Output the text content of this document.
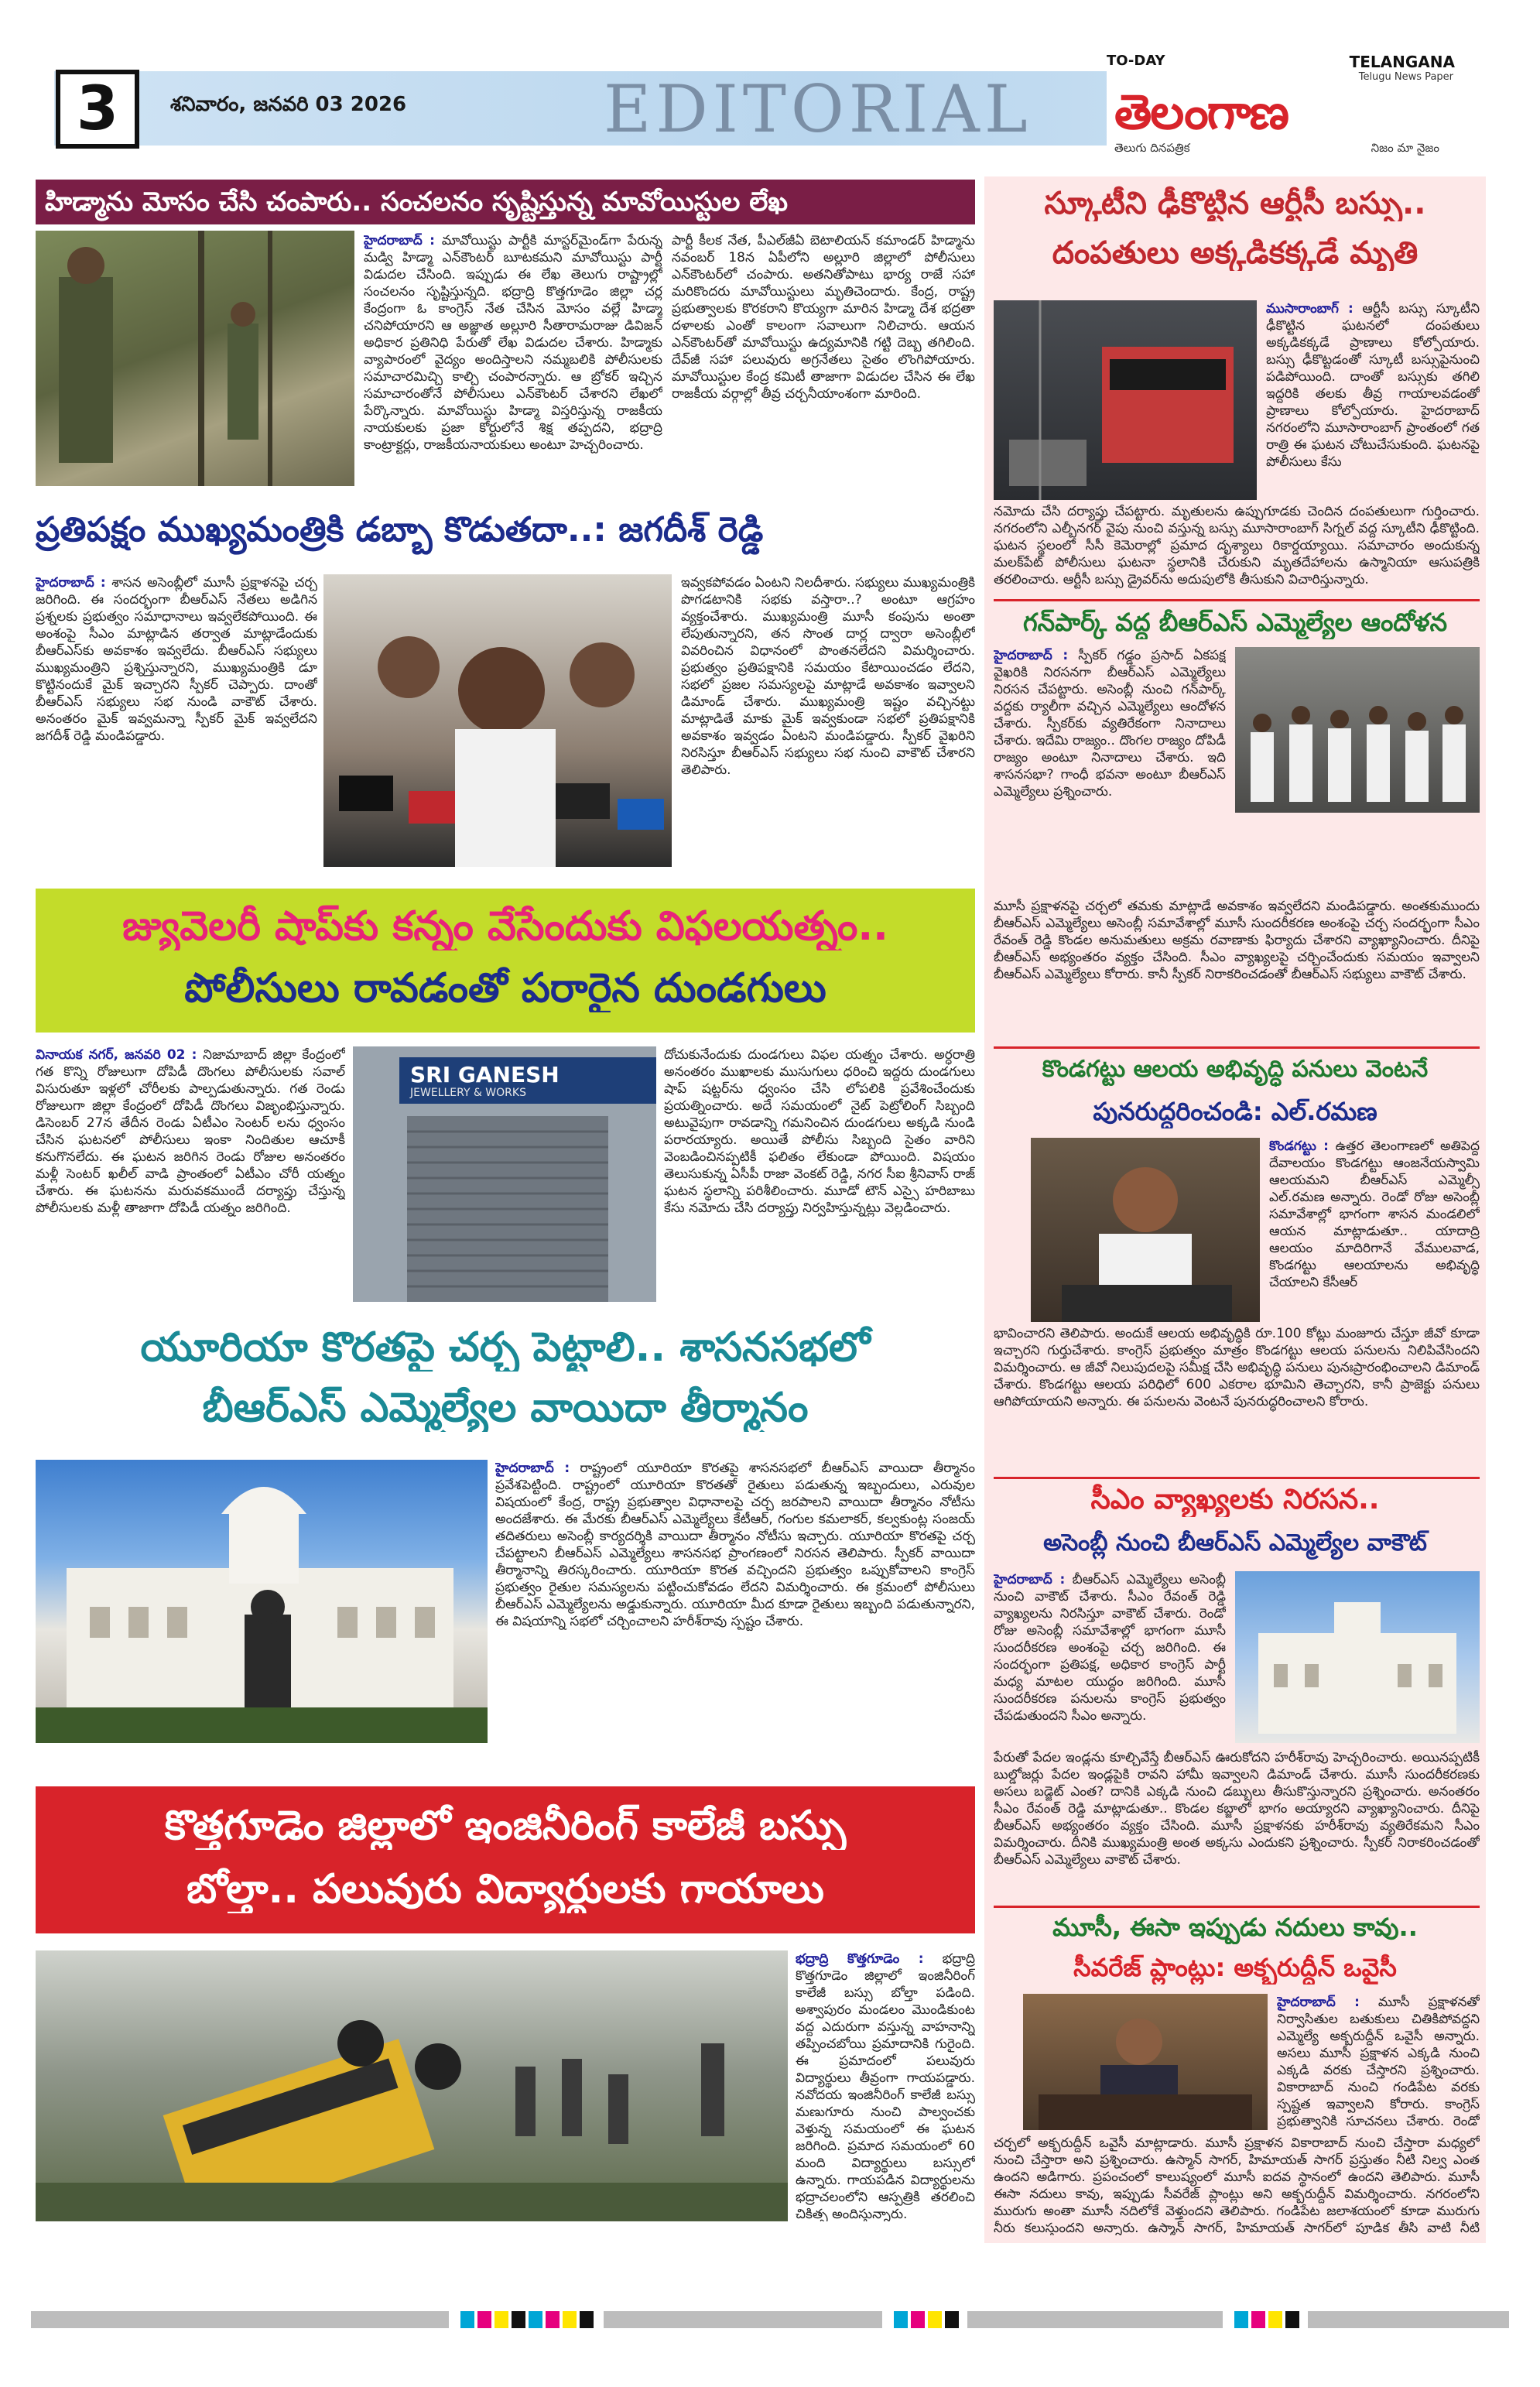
3	శనివారం, జనవరి 03 2026	EDITORIAL
TO-DAY	TELANGANA
Telugu News Paper
తెలంగాణ
తెలుగు దినపత్రిక	నిజం మా నైజం
హిడ్మాను మోసం చేసి చంపారు.. సంచలనం సృష్టిస్తున్న మావోయిస్టుల లేఖ
హైదరాబాద్ : మావోయిస్టు పార్టీకి మాస్టర్‌మైండ్‌గా పేరున్న మడ్వి హిడ్మా ఎన్‌కౌంటర్ బూటకమని మావోయిస్టు పార్టీ విడుదల చేసింది. ఇప్పుడు ఈ లేఖ తెలుగు రాష్ట్రాల్లో సంచలనం సృష్టిస్తున్నది. భద్రాద్రి కొత్తగూడెం జిల్లా చర్ల కేంద్రంగా ఓ కాంగ్రెస్ నేత చేసిన మోసం వల్లే హిడ్మా చనిపోయారని ఆ అజ్ఞాత అల్లూరి సీతారామరాజు డివిజన్ అధికార ప్రతినిధి పేరుతో లేఖ విడుదల చేశారు. హిడ్మాకు వ్యాపారంలో వైద్యం అందిస్తాలని నమ్మబలికి పోలీసులకు సమాచారమిచ్చి కాల్చి చంపారన్నారు. ఆ బ్రోకర్ ఇచ్చిన సమాచారంతోనే పోలీసులు ఎన్‌కౌంటర్ చేశారని లేఖలో పేర్కొన్నారు. మావోయిస్టు హిడ్మా విస్తరిస్తున్న రాజకీయ నాయకులకు ప్రజా కోర్టులోనే శిక్ష తప్పదని, భద్రాద్రి కాంట్రాక్టర్లు, రాజకీయనాయకులు అంటూ హెచ్చరించారు.
పార్టీ కీలక నేత, పీఎల్‌జీఏ బెటాలియన్ కమాండర్ హిడ్మాను నవంబర్ 18న ఏపీలోని అల్లూరి జిల్లాలో పోలీసులు ఎన్‌కౌంటర్‌లో చంపారు. అతనితోపాటు భార్య రాజే సహా మరికొందరు మావోయిస్టులు మృతిచెందారు. కేంద్ర, రాష్ట్ర ప్రభుత్వాలకు కొరకరాని కొయ్యగా మారిన హిడ్మా దేశ భద్రతా దళాలకు ఎంతో కాలంగా సవాలుగా నిలిచారు. ఆయన ఎన్‌కౌంటర్‌తో మావోయిస్టు ఉద్యమానికి గట్టి దెబ్బ తగిలింది. దేవ్‌జీ సహా పలువురు అగ్రనేతలు సైతం లొంగిపోయారు. మావోయిస్టుల కేంద్ర కమిటీ తాజాగా విడుదల చేసిన ఈ లేఖ రాజకీయ వర్గాల్లో తీవ్ర చర్చనీయాంశంగా మారింది.
ప్రతిపక్షం ముఖ్యమంత్రికి డబ్బా కొడుతదా..: జగదీశ్ రెడ్డి
హైదరాబాద్ : శాసన అసెంబ్లీలో మూసీ ప్రక్షాళనపై చర్చ జరిగింది. ఈ సందర్భంగా బీఆర్ఎస్ నేతలు అడిగిన ప్రశ్నలకు ప్రభుత్వం సమాధానాలు ఇవ్వలేకపోయింది. ఈ అంశంపై సీఎం మాట్లాడిన తర్వాత మాట్లాడేందుకు బీఆర్ఎస్‌కు అవకాశం ఇవ్వలేదు. బీఆర్ఎస్ సభ్యులు ముఖ్యమంత్రిని ప్రశ్నిస్తున్నారని, ముఖ్యమంత్రికి డూ కొట్టినందుకే మైక్ ఇచ్చారని స్పీకర్ చెప్పారు. దాంతో బీఆర్ఎస్ సభ్యులు సభ నుండి వాకౌట్ చేశారు. అనంతరం మైక్ ఇవ్వమన్నా స్పీకర్ మైక్ ఇవ్వలేదని జగదీశ్ రెడ్డి మండిపడ్డారు.
ఇవ్వకపోవడం ఏంటని నిలదీశారు. సభ్యులు ముఖ్యమంత్రికి పొగడటానికి సభకు వస్తారా..? అంటూ ఆగ్రహం వ్యక్తంచేశారు. ముఖ్యమంత్రి మూసీ కంపును అంతా లేపుతున్నారని, తన సొంత దార్ల ద్వారా అసెంబ్లీలో వివరించిన విధానంలో పొంతనలేదని విమర్శించారు. ప్రభుత్వం ప్రతిపక్షానికి సమయం కేటాయించడం లేదని, సభలో ప్రజల సమస్యలపై మాట్లాడే అవకాశం ఇవ్వాలని డిమాండ్ చేశారు. ముఖ్యమంత్రి ఇష్టం వచ్చినట్టు మాట్లాడితే మాకు మైక్ ఇవ్వకుండా సభలో ప్రతిపక్షానికి అవకాశం ఇవ్వడం ఏంటని మండిపడ్డారు. స్పీకర్ వైఖరిని నిరసిస్తూ బీఆర్ఎస్ సభ్యులు సభ నుంచి వాకౌట్ చేశారని తెలిపారు.
జ్యువెలరీ షాప్‌కు కన్నం వేసేందుకు విఫలయత్నం..
పోలీసులు రావడంతో పరారైన దుండగులు
వినాయక నగర్, జనవరి 02 : నిజామాబాద్ జిల్లా కేంద్రంలో గత కొన్ని రోజులుగా దోపిడీ దొంగలు పోలీసులకు సవాల్ విసురుతూ ఇళ్లలో చోరీలకు పాల్పడుతున్నారు. గత రెండు రోజులుగా జిల్లా కేంద్రంలో దోపిడీ దొంగలు విజృంభిస్తున్నారు. డిసెంబర్ 27న తేదీన రెండు ఏటీఎం సెంటర్ లను ధ్వంసం చేసిన ఘటనలో పోలీసులు ఇంకా నిందితుల ఆచూకీ కనుగొనలేదు. ఈ ఘటన జరిగిన రెండు రోజుల అనంతరం మళ్లీ సెంటర్ ఖలీల్ వాడి ప్రాంతంలో ఏటీఎం చోరీ యత్నం చేశారు. ఈ ఘటనను మరువకముందే దర్యాప్తు చేస్తున్న పోలీసులకు మళ్లీ తాజాగా దోపిడీ యత్నం జరిగింది.
SRI GANESH
JEWELLERY & WORKS
దోచుకునేందుకు దుండగులు విఫల యత్నం చేశారు. అర్ధరాత్రి అనంతరం ముఖాలకు ముసుగులు ధరించి ఇద్దరు దుండగులు షాప్ షట్టర్‌ను ధ్వంసం చేసి లోపలికి ప్రవేశించేందుకు ప్రయత్నించారు. అదే సమయంలో నైట్ పెట్రోలింగ్ సిబ్బంది అటువైపుగా రావడాన్ని గమనించిన దుండగులు అక్కడి నుండి పరారయ్యారు. అయితే పోలీసు సిబ్బంది సైతం వారిని వెంబడించినప్పటికీ ఫలితం లేకుండా పోయింది. విషయం తెలుసుకున్న ఏసీపీ రాజా వెంకట్ రెడ్డి, నగర సీఐ శ్రీనివాస్ రాజ్ ఘటన స్థలాన్ని పరిశీలించారు. మూడో టౌన్ ఎస్సై హరిబాబు కేసు నమోదు చేసి దర్యాప్తు నిర్వహిస్తున్నట్లు వెల్లడించారు.
యూరియా కొరతపై చర్చ పెట్టాలి.. శాసనసభలో
బీఆర్ఎస్ ఎమ్మెల్యేల వాయిదా తీర్మానం
హైదరాబాద్ : రాష్ట్రంలో యూరియా కొరతపై శాసనసభలో బీఆర్ఎస్ వాయిదా తీర్మానం ప్రవేశపెట్టింది. రాష్ట్రంలో యూరియా కొరతతో రైతులు పడుతున్న ఇబ్బందులు, ఎరువుల విషయంలో కేంద్ర, రాష్ట్ర ప్రభుత్వాల విధానాలపై చర్చ జరపాలని వాయిదా తీర్మానం నోటీసు అందజేశారు. ఈ మేరకు బీఆర్ఎస్ ఎమ్మెల్యేలు కేటీఆర్, గంగుల కమలాకర్, కల్వకుంట్ల సంజయ్ తదితరులు అసెంబ్లీ కార్యదర్శికి వాయిదా తీర్మానం నోటీసు ఇచ్చారు. యూరియా కొరతపై చర్చ చేపట్టాలని బీఆర్ఎస్ ఎమ్మెల్యేలు శాసనసభ ప్రాంగణంలో నిరసన తెలిపారు. స్పీకర్ వాయిదా తీర్మానాన్ని తిరస్కరించారు. యూరియా కొరత వచ్చిందని ప్రభుత్వం ఒప్పుకోవాలని కాంగ్రెస్ ప్రభుత్వం రైతుల సమస్యలను పట్టించుకోవడం లేదని విమర్శించారు. ఈ క్రమంలో పోలీసులు బీఆర్ఎస్ ఎమ్మెల్యేలను అడ్డుకున్నారు. యూరియా మీద కూడా రైతులు ఇబ్బంది పడుతున్నారని, ఈ విషయాన్ని సభలో చర్చించాలని హరీశ్‌రావు స్పష్టం చేశారు.
కొత్తగూడెం జిల్లాలో ఇంజినీరింగ్ కాలేజీ బస్సు
బోల్తా.. పలువురు విద్యార్థులకు గాయాలు
భద్రాద్రి కొత్తగూడెం : భద్రాద్రి కొత్తగూడెం జిల్లాలో ఇంజినీరింగ్ కాలేజీ బస్సు బోల్తా పడింది. అశ్వాపురం మండలం మొండికుంట వద్ద ఎదురుగా వస్తున్న వాహనాన్ని తప్పించబోయి ప్రమాదానికి గురైంది. ఈ ప్రమాదంలో పలువురు విద్యార్థులు తీవ్రంగా గాయపడ్డారు. నవోదయ ఇంజినీరింగ్ కాలేజీ బస్సు మణుగూరు నుంచి పాల్వంచకు వెళ్తున్న సమయంలో ఈ ఘటన జరిగింది. ప్రమాద సమయంలో 60 మంది విద్యార్థులు బస్సులో ఉన్నారు. గాయపడిన విద్యార్థులను భద్రాచలంలోని ఆస్పత్రికి తరలించి చికిత్స అందిస్తున్నారు.
స్కూటీని ఢీకొట్టిన ఆర్టీసీ బస్సు..
దంపతులు అక్కడికక్కడే మృతి
ముసారాంబాగ్ : ఆర్టీసీ బస్సు స్కూటీని ఢీకొట్టిన ఘటనలో దంపతులు అక్కడికక్కడే ప్రాణాలు కోల్పోయారు. బస్సు ఢీకొట్టడంతో స్కూటీ బస్సుపైనుంచి పడిపోయింది. దాంతో బస్సుకు తగిలి ఇద్దరికి తలకు తీవ్ర గాయాలవడంతో ప్రాణాలు కోల్పోయారు. హైదరాబాద్ నగరంలోని మూసారాంబాగ్ ప్రాంతంలో గత రాత్రి ఈ ఘటన చోటుచేసుకుంది. ఘటనపై పోలీసులు కేసు
నమోదు చేసి దర్యాప్తు చేపట్టారు. మృతులను ఉప్పుగూడకు చెందిన దంపతులుగా గుర్తించారు. నగరంలోని ఎల్బీనగర్ వైపు నుంచి వస్తున్న బస్సు మూసారాంబాగ్ సిగ్నల్ వద్ద స్కూటీని ఢీకొట్టింది. ఘటన స్థలంలో సీసీ కెమెరాల్లో ప్రమాద దృశ్యాలు రికార్డయ్యాయి. సమాచారం అందుకున్న మలక్‌పేట్ పోలీసులు ఘటనా స్థలానికి చేరుకుని మృతదేహాలను ఉస్మానియా ఆసుపత్రికి తరలించారు. ఆర్టీసీ బస్సు డ్రైవర్‌ను అదుపులోకి తీసుకుని విచారిస్తున్నారు.
గన్‌పార్క్ వద్ద బీఆర్ఎస్ ఎమ్మెల్యేల ఆందోళన
హైదరాబాద్ : స్పీకర్ గడ్డం ప్రసాద్ ఏకపక్ష వైఖరికి నిరసనగా బీఆర్ఎస్ ఎమ్మెల్యేలు నిరసన చేపట్టారు. అసెంబ్లీ నుంచి గన్‌పార్క్ వద్దకు ర్యాలీగా వచ్చిన ఎమ్మెల్యేలు ఆందోళన చేశారు. స్పీకర్‌కు వ్యతిరేకంగా నినాదాలు చేశారు. ఇదేమి రాజ్యం.. దొంగల రాజ్యం దోపిడీ రాజ్యం అంటూ నినాదాలు చేశారు. ఇది శాసనసభా? గాంధీ భవనా అంటూ బీఆర్ఎస్ ఎమ్మెల్యేలు ప్రశ్నించారు.
మూసీ ప్రక్షాళనపై చర్చలో తమకు మాట్లాడే అవకాశం ఇవ్వలేదని మండిపడ్డారు. అంతకుముందు బీఆర్ఎస్ ఎమ్మెల్యేలు అసెంబ్లీ సమావేశాల్లో మూసీ సుందరీకరణ అంశంపై చర్చ సందర్భంగా సీఎం రేవంత్ రెడ్డి కొండల అనుమతులు అక్రమ రవాణాకు ఫిర్యాదు చేశారని వ్యాఖ్యానించారు. దీనిపై బీఆర్ఎస్ అభ్యంతరం వ్యక్తం చేసింది. సీఎం వ్యాఖ్యలపై చర్చించేందుకు సమయం ఇవ్వాలని బీఆర్ఎస్ ఎమ్మెల్యేలు కోరారు. కానీ స్పీకర్ నిరాకరించడంతో బీఆర్ఎస్ సభ్యులు వాకౌట్ చేశారు.
కొండగట్టు ఆలయ అభివృద్ధి పనులు వెంటనే
పునరుద్ధరించండి: ఎల్.రమణ
కొండగట్టు : ఉత్తర తెలంగాణలో అతిపెద్ద దేవాలయం కొండగట్టు ఆంజనేయస్వామి ఆలయమని బీఆర్ఎస్ ఎమ్మెల్సీ ఎల్.రమణ అన్నారు. రెండో రోజు అసెంబ్లీ సమావేశాల్లో భాగంగా శాసన మండలిలో ఆయన మాట్లాడుతూ.. యాదాద్రి ఆలయం మాదిరిగానే వేములవాడ, కొండగట్టు ఆలయాలను అభివృద్ధి చేయాలని కేసీఆర్
భావించారని తెలిపారు. అందుకే ఆలయ అభివృద్ధికి రూ.100 కోట్లు మంజూరు చేస్తూ జీవో కూడా ఇచ్చారని గుర్తుచేశారు. కాంగ్రెస్ ప్రభుత్వం మాత్రం కొండగట్టు ఆలయ పనులను నిలిపివేసిందని విమర్శించారు. ఆ జీవో నిలుపుదలపై సమీక్ష చేసి అభివృద్ధి పనులు పునఃప్రారంభించాలని డిమాండ్ చేశారు. కొండగట్టు ఆలయ పరిధిలో 600 ఎకరాల భూమిని తెచ్చారని, కానీ ప్రాజెక్టు పనులు ఆగిపోయాయని అన్నారు. ఈ పనులను వెంటనే పునరుద్ధరించాలని కోరారు.
సీఎం వ్యాఖ్యలకు నిరసన..
అసెంబ్లీ నుంచి బీఆర్ఎస్ ఎమ్మెల్యేల వాకౌట్
హైదరాబాద్ : బీఆర్ఎస్ ఎమ్మెల్యేలు అసెంబ్లీ నుంచి వాకౌట్ చేశారు. సీఎం రేవంత్ రెడ్డి వ్యాఖ్యలను నిరసిస్తూ వాకౌట్ చేశారు. రెండో రోజు అసెంబ్లీ సమావేశాల్లో భాగంగా మూసీ సుందరీకరణ అంశంపై చర్చ జరిగింది. ఈ సందర్భంగా ప్రతిపక్ష, అధికార కాంగ్రెస్ పార్టీ మధ్య మాటల యుద్ధం జరిగింది. మూసీ సుందరీకరణ పనులను కాంగ్రెస్ ప్రభుత్వం చేపడుతుందని సీఎం అన్నారు.
పేరుతో పేదల ఇండ్లను కూల్చివేస్తే బీఆర్ఎస్ ఊరుకోదని హరీశ్‌రావు హెచ్చరించారు. అయినప్పటికీ బుల్డోజర్లు పేదల ఇండ్లపైకి రావని హామీ ఇవ్వాలని డిమాండ్ చేశారు. మూసీ సుందరీకరణకు అసలు బడ్జెట్ ఎంత? దానికి ఎక్కడి నుంచి డబ్బులు తీసుకొస్తున్నారని ప్రశ్నించారు. అనంతరం సీఎం రేవంత్ రెడ్డి మాట్లాడుతూ.. కొండల కబ్జాలో భాగం అయ్యారని వ్యాఖ్యానించారు. దీనిపై బీఆర్ఎస్ అభ్యంతరం వ్యక్తం చేసింది. మూసీ ప్రక్షాళనకు హరీశ్‌రావు వ్యతిరేకమని సీఎం విమర్శించారు. దీనికి ముఖ్యమంత్రి అంత అక్కసు ఎందుకని ప్రశ్నించారు. స్పీకర్ నిరాకరించడంతో బీఆర్ఎస్ ఎమ్మెల్యేలు వాకౌట్ చేశారు.
మూసీ, ఈసా ఇప్పుడు నదులు కావు..
సీవరేజ్ ప్లాంట్లు: అక్బరుద్దీన్ ఒవైసీ
హైదరాబాద్ : మూసీ ప్రక్షాళనతో నిర్వాసితుల బతుకులు చితికిపోవద్దని ఎమ్మెల్యే అక్బరుద్దీన్ ఒవైసీ అన్నారు. అసలు మూసీ ప్రక్షాళన ఎక్కడి నుంచి ఎక్కడి వరకు చేస్తారని ప్రశ్నించారు. వికారాబాద్ నుంచి గండిపేట వరకు స్పష్టత ఇవ్వాలని కోరారు. కాంగ్రెస్ ప్రభుత్వానికి సూచనలు చేశారు. రెండో
చర్చలో అక్బరుద్దీన్ ఒవైసీ మాట్లాడారు. మూసీ ప్రక్షాళన వికారాబాద్ నుంచి చేస్తారా మధ్యలో నుంచి చేస్తారా అని ప్రశ్నించారు. ఉస్మాన్ సాగర్, హిమాయత్ సాగర్ ప్రస్తుతం నీటి నిల్వ ఎంత ఉందని అడిగారు. ప్రపంచంలో కాలుష్యంలో మూసీ ఐదవ స్థానంలో ఉందని తెలిపారు. మూసీ ఈసా నదులు కావు, ఇప్పుడు సీవరేజ్ ప్లాంట్లు అని అక్బరుద్దీన్ విమర్శించారు. నగరంలోని మురుగు అంతా మూసీ నదిలోకే వెళ్తుందని తెలిపారు. గండిపేట జలాశయంలో కూడా మురుగు నీరు కలుస్తుందని అన్నారు. ఉస్మాన్ సాగర్, హిమాయత్ సాగర్‌లో పూడిక తీసి వాటి నీటి
